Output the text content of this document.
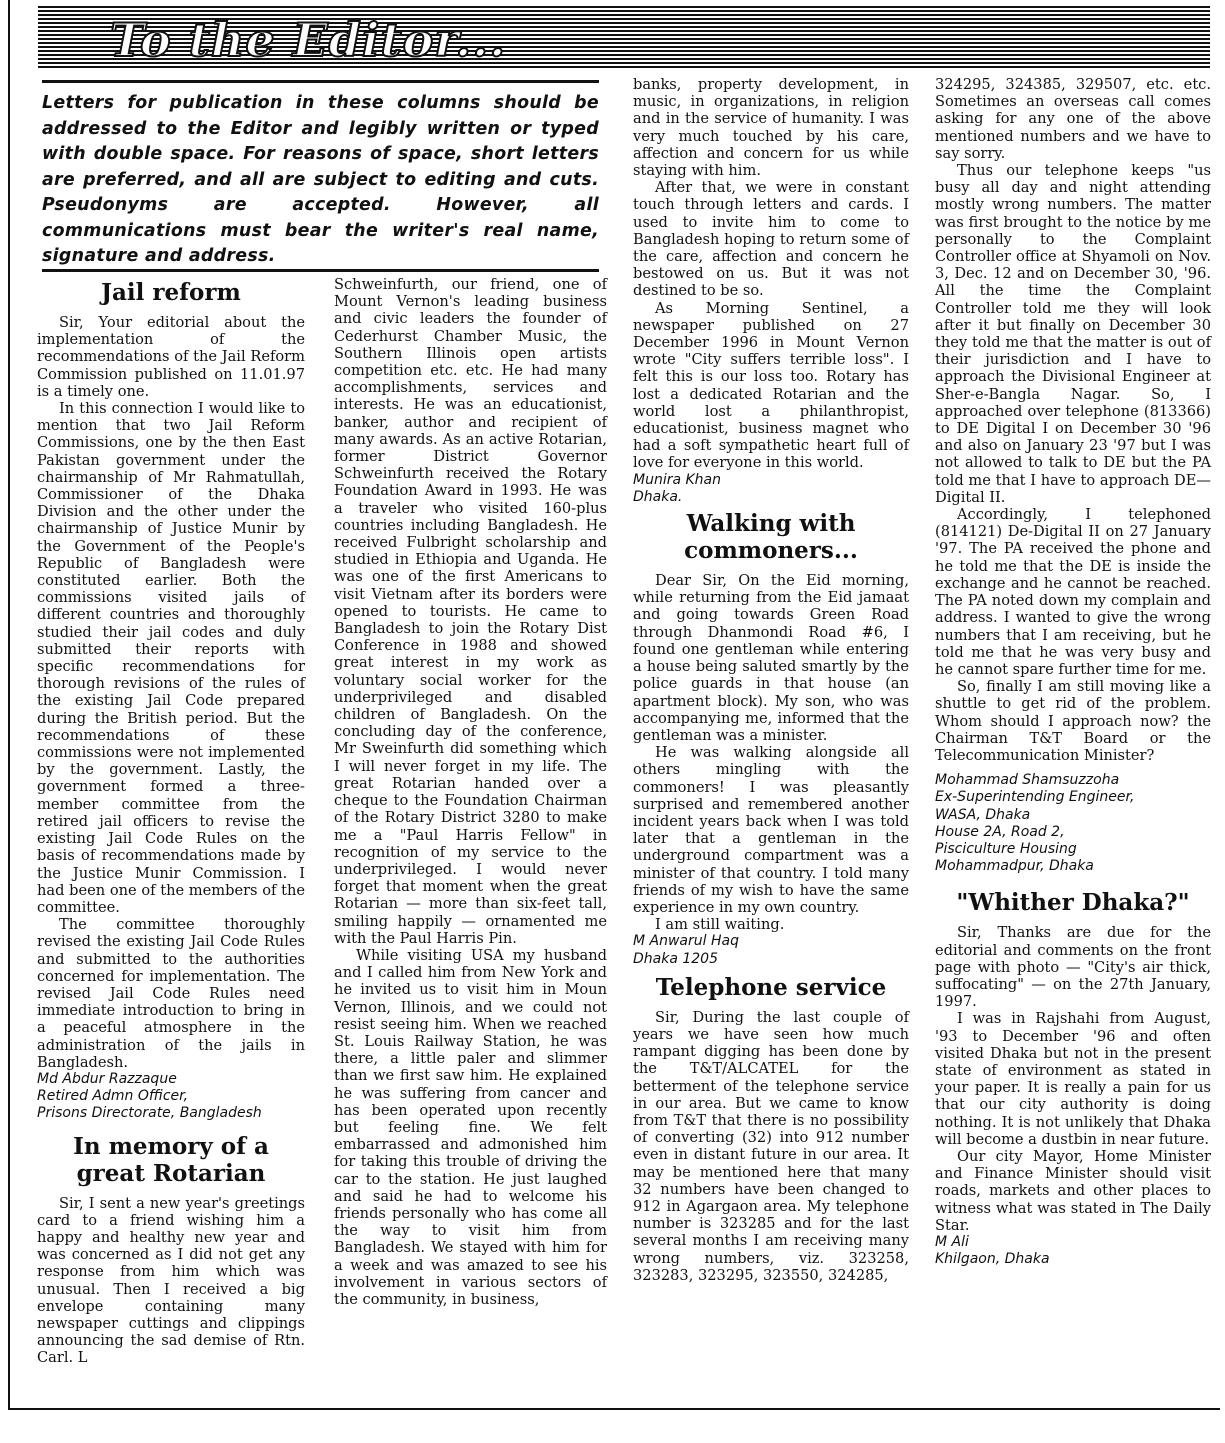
To the Editor...
Letters for publication in these columns should be addressed to the Editor and legibly written or typed with double space. For reasons of space, short letters are preferred, and all are subject to editing and cuts. Pseudonyms are accepted. However, all communications must bear the writer's real name, signature and address.
Jail reform

Sir, Your editorial about the implementation of the recommendations of the Jail Reform Commission published on 11.01.97 is a timely one.

In this connection I would like to mention that two Jail Reform Commissions, one by the then East Pakistan government under the chairmanship of Mr Rahmatullah, Commissioner of the Dhaka Division and the other under the chairmanship of Justice Munir by the Government of the People's Republic of Bangladesh were constituted earlier. Both the commissions visited jails of different countries and thoroughly studied their jail codes and duly submitted their reports with specific recommendations for thorough revisions of the rules of the existing Jail Code prepared during the British period. But the recommendations of these commissions were not implemented by the government. Lastly, the government formed a three-member committee from the retired jail officers to revise the existing Jail Code Rules on the basis of recommendations made by the Justice Munir Commission. I had been one of the members of the committee.

The committee thoroughly revised the existing Jail Code Rules and submitted to the authorities concerned for implementation. The revised Jail Code Rules need immediate introduction to bring in a peaceful atmosphere in the administration of the jails in Bangladesh.

Md Abdur Razzaque

Retired Admn Officer,

Prisons Directorate, Bangladesh

In memory of a great Rotarian

Sir, I sent a new year's greetings card to a friend wishing him a happy and healthy new year and was concerned as I did not get any response from him which was unusual. Then I received a big envelope containing many newspaper cuttings and clippings announcing the sad demise of Rtn. Carl. L

Schweinfurth, our friend, one of Mount Vernon's leading business and civic leaders the founder of Cederhurst Chamber Music, the Southern Illinois open artists competition etc. etc. He had many accomplishments, services and interests. He was an educationist, banker, author and recipient of many awards. As an active Rotarian, former District Governor Schweinfurth received the Rotary Foundation Award in 1993. He was a traveler who visited 160-plus countries including Bangladesh. He received Fulbright scholarship and studied in Ethiopia and Uganda. He was one of the first Americans to visit Vietnam after its borders were opened to tourists. He came to Bangladesh to join the Rotary Dist Conference in 1988 and showed great interest in my work as voluntary social worker for the underprivileged and disabled children of Bangladesh. On the concluding day of the conference, Mr Sweinfurth did something which I will never forget in my life. The great Rotarian handed over a cheque to the Foundation Chairman of the Rotary District 3280 to make me a "Paul Harris Fellow" in recognition of my service to the underprivileged. I would never forget that moment when the great Rotarian — more than six-feet tall, smiling happily — ornamented me with the Paul Harris Pin.

While visiting USA my husband and I called him from New York and he invited us to visit him in Moun Vernon, Illinois, and we could not resist seeing him. When we reached St. Louis Railway Station, he was there, a little paler and slimmer than we first saw him. He explained he was suffering from cancer and has been operated upon recently but feeling fine. We felt embarrassed and admonished him for taking this trouble of driving the car to the station. He just laughed and said he had to welcome his friends personally who has come all the way to visit him from Bangladesh. We stayed with him for a week and was amazed to see his involvement in various sectors of the community, in business,

banks, property development, in music, in organizations, in religion and in the service of humanity. I was very much touched by his care, affection and concern for us while staying with him.

After that, we were in constant touch through letters and cards. I used to invite him to come to Bangladesh hoping to return some of the care, affection and concern he bestowed on us. But it was not destined to be so.

As Morning Sentinel, a newspaper published on 27 December 1996 in Mount Vernon wrote "City suffers terrible loss". I felt this is our loss too. Rotary has lost a dedicated Rotarian and the world lost a philanthropist, educationist, business magnet who had a soft sympathetic heart full of love for everyone in this world.

Munira Khan

Dhaka.

Walking with commoners...

Dear Sir, On the Eid morning, while returning from the Eid jamaat and going towards Green Road through Dhanmondi Road #6, I found one gentleman while entering a house being saluted smartly by the police guards in that house (an apartment block). My son, who was accompanying me, informed that the gentleman was a minister.

He was walking alongside all others mingling with the commoners! I was pleasantly surprised and remembered another incident years back when I was told later that a gentleman in the underground compartment was a minister of that country. I told many friends of my wish to have the same experience in my own country.

I am still waiting.

M Anwarul Haq

Dhaka 1205

Telephone service

Sir, During the last couple of years we have seen how much rampant digging has been done by the T&T/ALCATEL for the betterment of the telephone service in our area. But we came to know from T&T that there is no possibility of converting (32) into 912 number even in distant future in our area. It may be mentioned here that many 32 numbers have been changed to 912 in Agargaon area. My telephone number is 323285 and for the last several months I am receiving many wrong numbers, viz. 323258, 323283, 323295, 323550, 324285,

324295, 324385, 329507, etc. etc. Sometimes an overseas call comes asking for any one of the above mentioned numbers and we have to say sorry.

Thus our telephone keeps "us busy all day and night attending mostly wrong numbers. The matter was first brought to the notice by me personally to the Complaint Controller office at Shyamoli on Nov. 3, Dec. 12 and on December 30, '96. All the time the Complaint Controller told me they will look after it but finally on December 30 they told me that the matter is out of their jurisdiction and I have to approach the Divisional Engineer at Sher-e-Bangla Nagar. So, I approached over telephone (813366) to DE Digital I on December 30 '96 and also on January 23 '97 but I was not allowed to talk to DE but the PA told me that I have to approach DE—Digital II.

Accordingly, I telephoned (814121) De-Digital II on 27 January '97. The PA received the phone and he told me that the DE is inside the exchange and he cannot be reached. The PA noted down my complain and address. I wanted to give the wrong numbers that I am receiving, but he told me that he was very busy and he cannot spare further time for me.

So, finally I am still moving like a shuttle to get rid of the problem. Whom should I approach now? the Chairman T&T Board or the Telecommunication Minister?

Mohammad Shamsuzzoha

Ex-Superintending Engineer,

WASA, Dhaka

House 2A, Road 2,

Pisciculture Housing

Mohammadpur, Dhaka

"Whither Dhaka?"

Sir, Thanks are due for the editorial and comments on the front page with photo — "City's air thick, suffocating" — on the 27th January, 1997.

I was in Rajshahi from August, '93 to December '96 and often visited Dhaka but not in the present state of environment as stated in your paper. It is really a pain for us that our city authority is doing nothing. It is not unlikely that Dhaka will become a dustbin in near future.

Our city Mayor, Home Minister and Finance Minister should visit roads, markets and other places to witness what was stated in The Daily Star.

M Ali

Khilgaon, Dhaka
